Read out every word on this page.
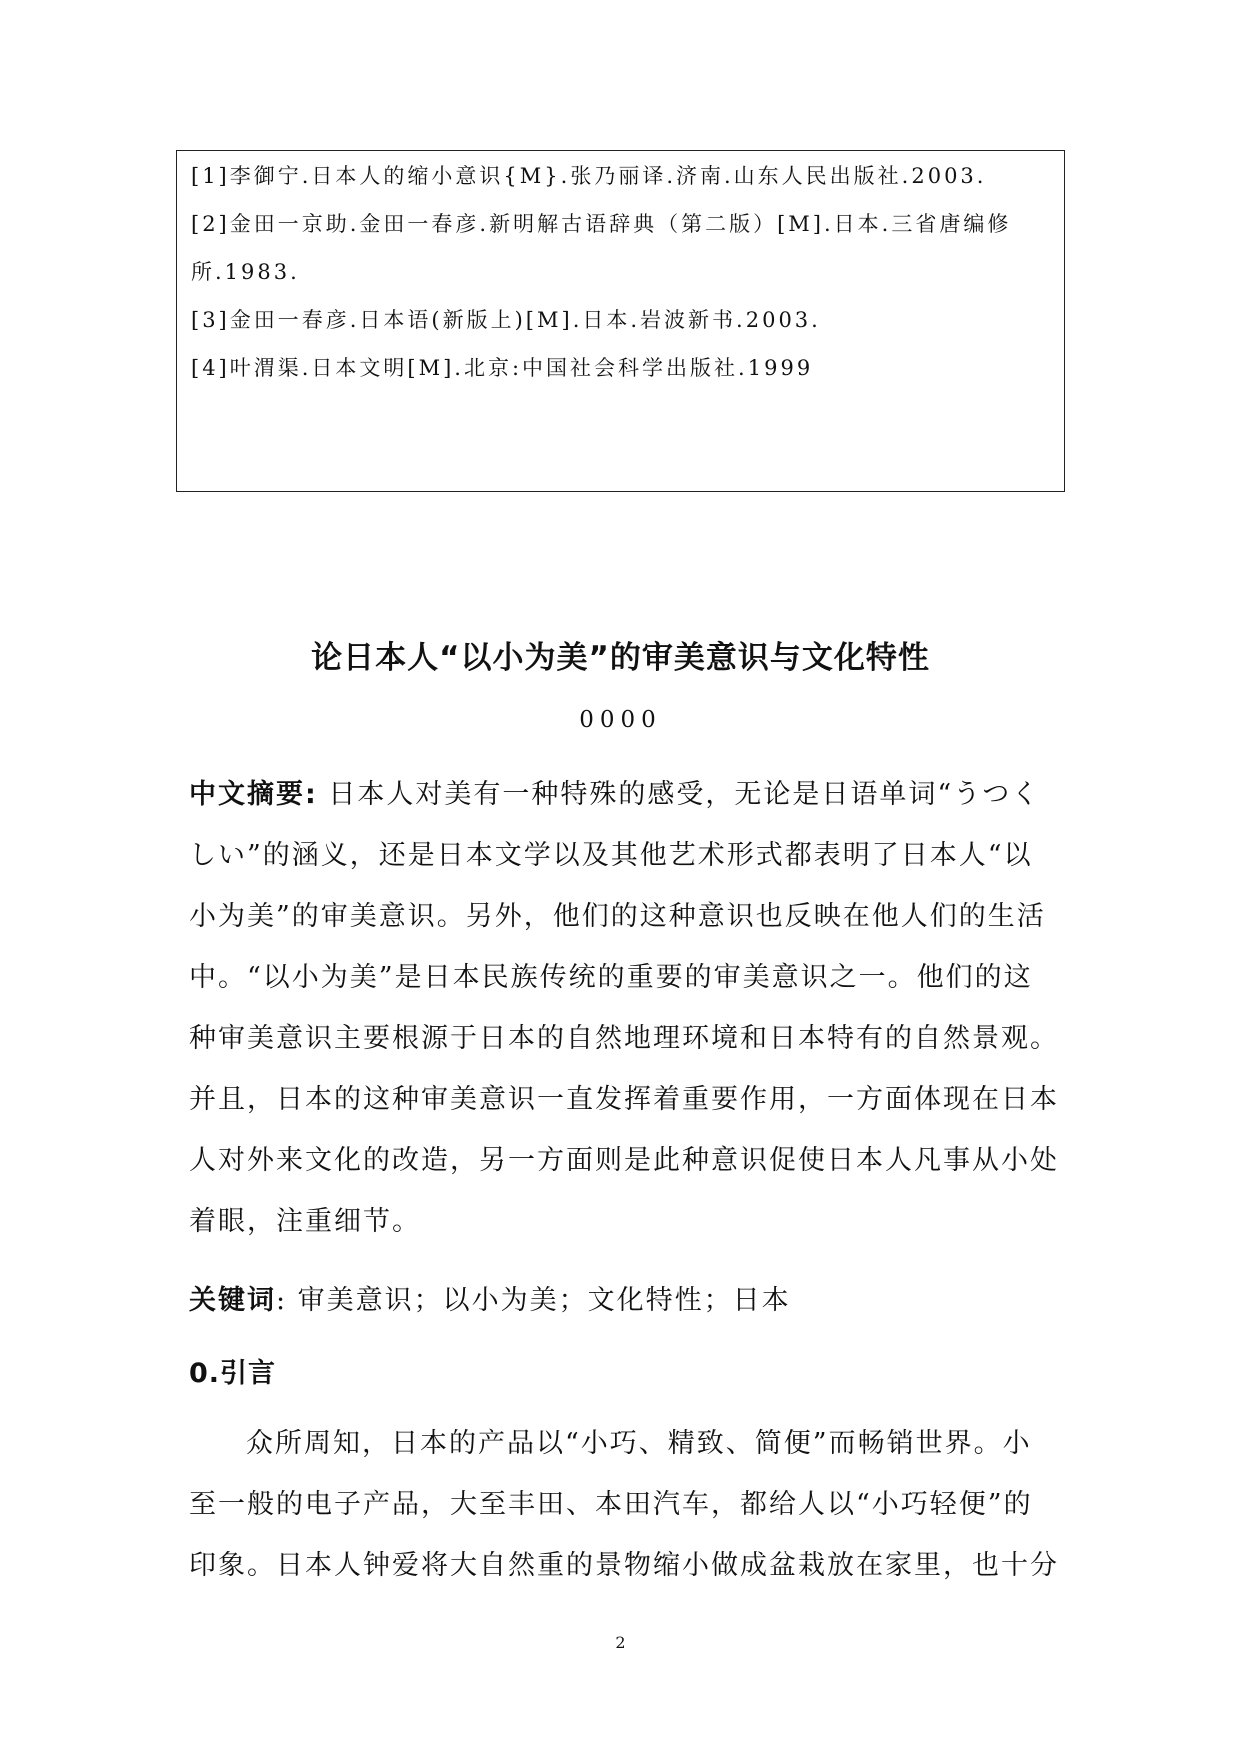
[1]李御宁.日本人的缩小意识{M}.张乃丽译.济南.山东人民出版社.2003.
[2]金田一京助.金田一春彦.新明解古语辞典（第二版）[M].日本.三省唐编修
所.1983.
[3]金田一春彦.日本语(新版上)[M].日本.岩波新书.2003.
[4]叶渭渠.日本文明[M].北京:中国社会科学出版社.1999
论日本人“以小为美”的审美意识与文化特性
0000
中文摘要: 日本人对美有一种特殊的感受，无论是日语单词“うつく
しい”的涵义，还是日本文学以及其他艺术形式都表明了日本人“以
小为美”的审美意识。另外，他们的这种意识也反映在他人们的生活
中。“以小为美”是日本民族传统的重要的审美意识之一。他们的这
种审美意识主要根源于日本的自然地理环境和日本特有的自然景观。
并且，日本的这种审美意识一直发挥着重要作用，一方面体现在日本
人对外来文化的改造，另一方面则是此种意识促使日本人凡事从小处
着眼，注重细节。
关键词: 审美意识；以小为美；文化特性；日本
0.引言
众所周知，日本的产品以“小巧、精致、简便”而畅销世界。小
至一般的电子产品，大至丰田、本田汽车，都给人以“小巧轻便”的
印象。日本人钟爱将大自然重的景物缩小做成盆栽放在家里，也十分
2
